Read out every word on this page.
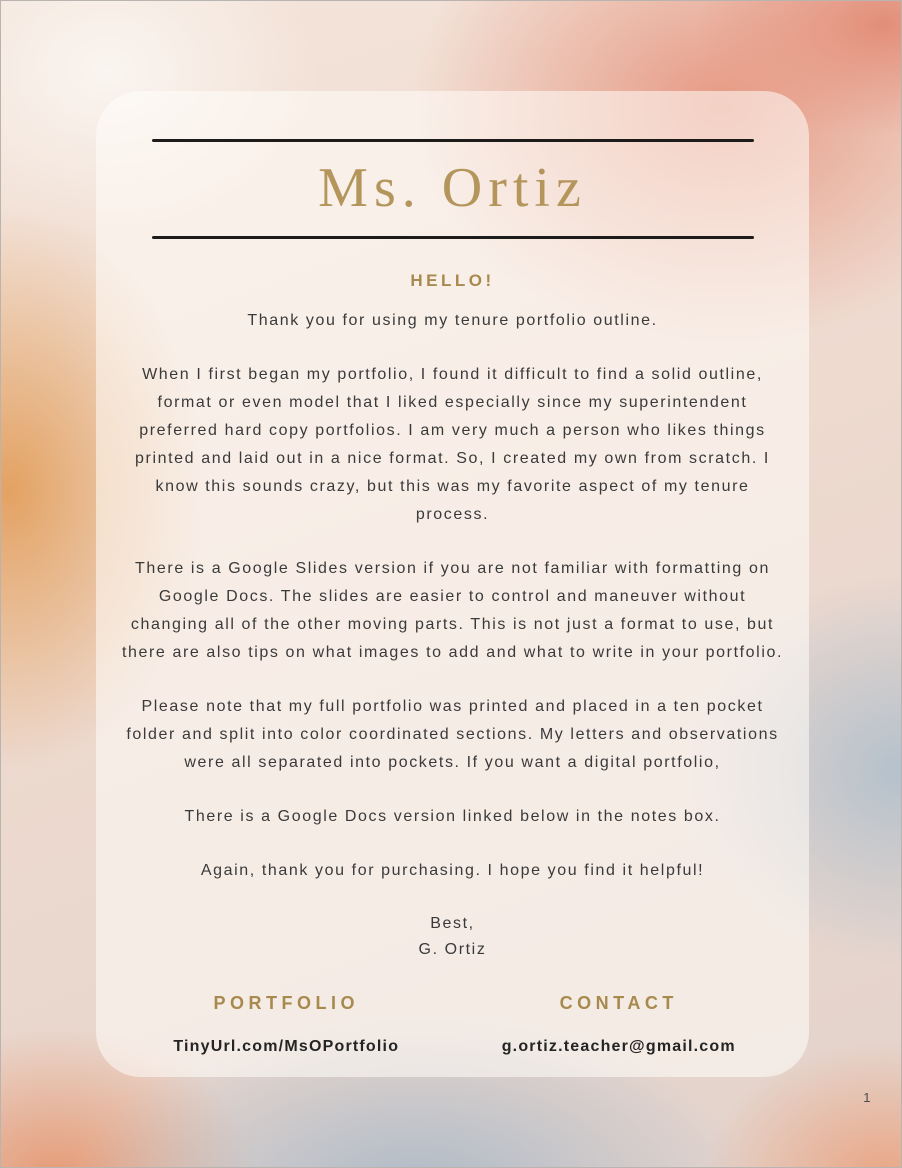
Ms. Ortiz
HELLO!

Thank you for using my tenure portfolio outline.

When I first began my portfolio, I found it difficult to find a solid outline, format or even model that I liked especially since my superintendent preferred hard copy portfolios. I am very much a person who likes things printed and laid out in a nice format. So, I created my own from scratch. I know this sounds crazy, but this was my favorite aspect of my tenure process.

There is a Google Slides version if you are not familiar with formatting on Google Docs. The slides are easier to control and maneuver without changing all of the other moving parts. This is not just a format to use, but there are also tips on what images to add and what to write in your portfolio.

Please note that my full portfolio was printed and placed in a ten pocket folder and split into color coordinated sections. My letters and observations were all separated into pockets. If you want a digital portfolio,

There is a Google Docs version linked below in the notes box.

Again, thank you for purchasing. I hope you find it helpful!

Best,
G. Ortiz
PORTFOLIO
TinyUrl.com/MsOPortfolio
CONTACT
g.ortiz.teacher@gmail.com
1
